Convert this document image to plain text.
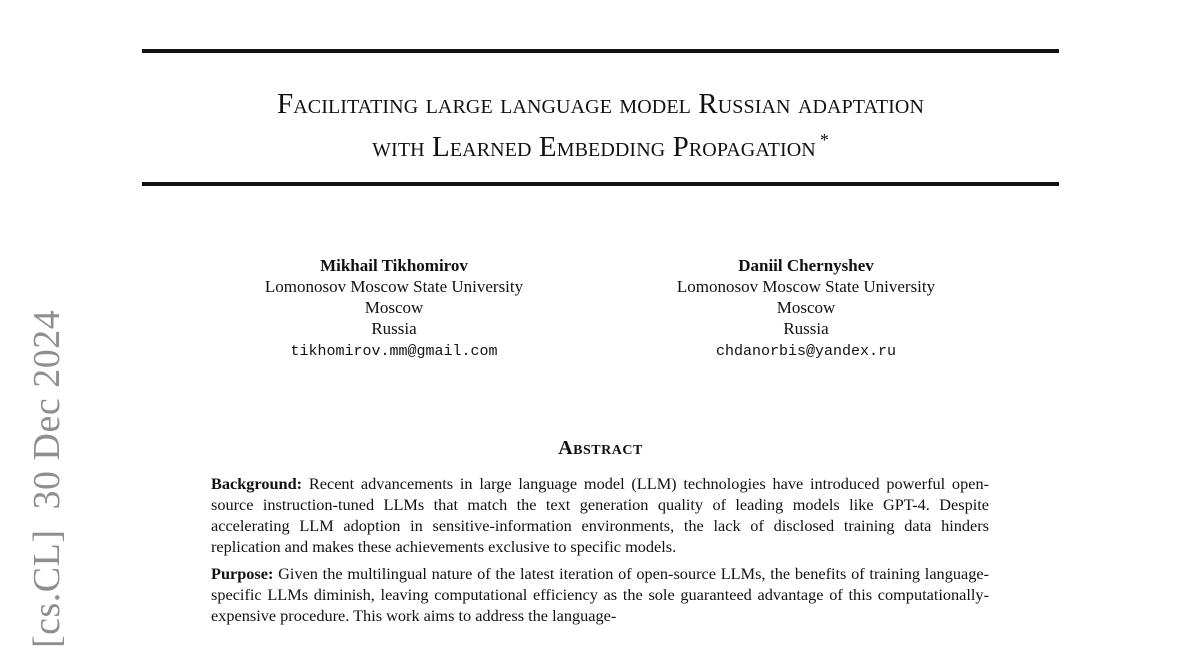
[cs.CL]30 Dec 2024
Facilitating large language model Russian adaptation
with Learned Embedding Propagation *
Mikhail Tikhomirov
Lomonosov Moscow State University
Moscow
Russia
tikhomirov.mm@gmail.com
Daniil Chernyshev
Lomonosov Moscow State University
Moscow
Russia
chdanorbis@yandex.ru
Abstract

Background: Recent advancements in large language model (LLM) technologies have introduced powerful open-source instruction-tuned LLMs that match the text generation quality of leading models like GPT-4. Despite accelerating LLM adoption in sensitive-information environments, the lack of disclosed training data hinders replication and makes these achievements exclusive to specific models.

Purpose: Given the multilingual nature of the latest iteration of open-source LLMs, the benefits of training language-specific LLMs diminish, leaving computational efficiency as the sole guaranteed advantage of this computationally-expensive procedure. This work aims to address the language-
